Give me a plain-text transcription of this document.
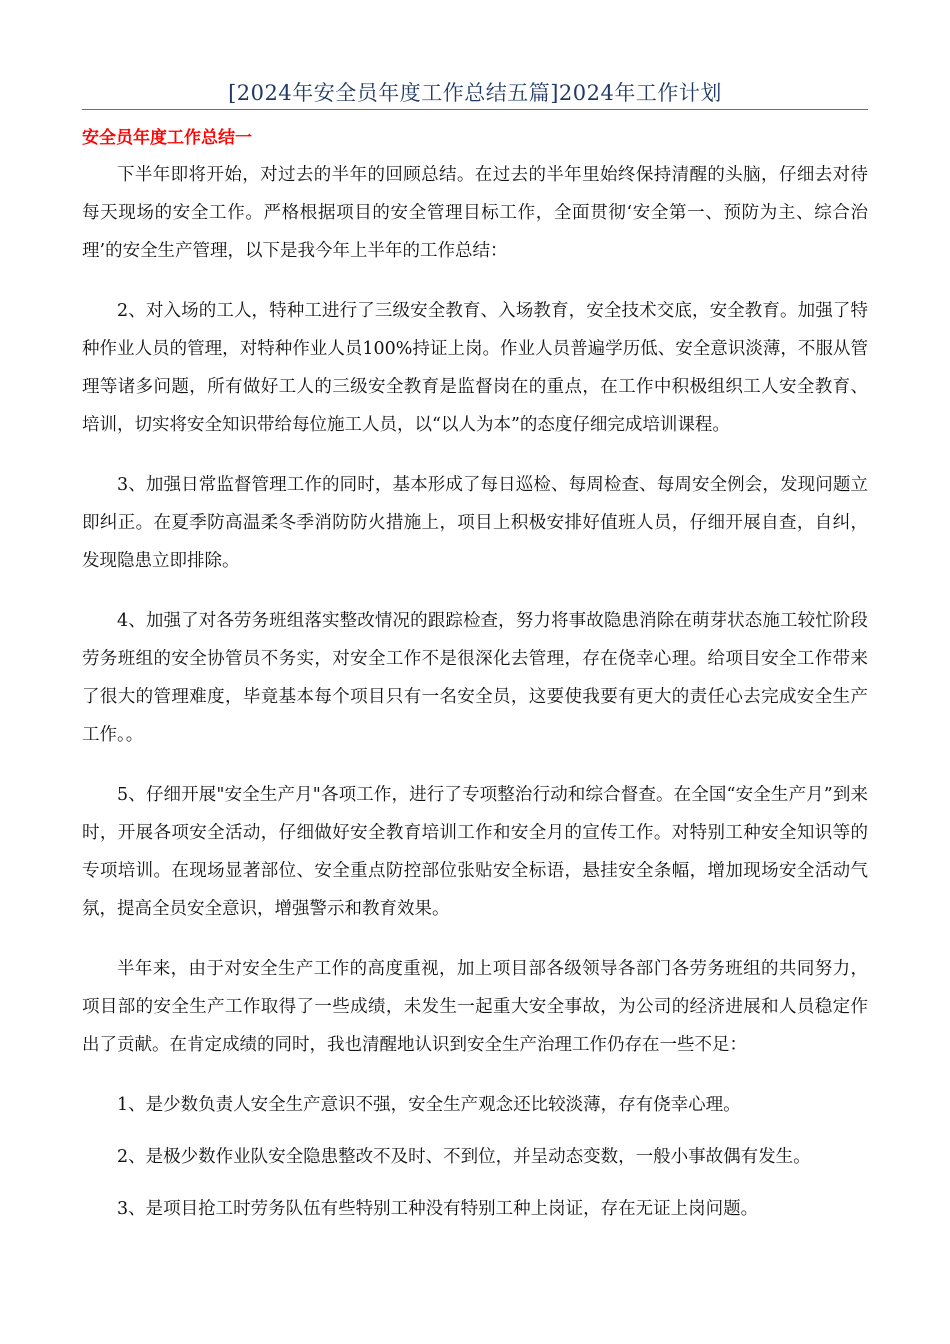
[2024年安全员年度工作总结五篇]2024年工作计划
安全员年度工作总结一

下半年即将开始，对过去的半年的回顾总结。在过去的半年里始终保持清醒的头脑，仔细去对待每天现场的安全工作。严格根据项目的安全管理目标工作，全面贯彻‘安全第一、预防为主、综合治理’的安全生产管理，以下是我今年上半年的工作总结：

2、对入场的工人，特种工进行了三级安全教育、入场教育，安全技术交底，安全教育。加强了特种作业人员的管理，对特种作业人员100%持证上岗。作业人员普遍学历低、安全意识淡薄，不服从管理等诸多问题，所有做好工人的三级安全教育是监督岗在的重点，在工作中积极组织工人安全教育、培训，切实将安全知识带给每位施工人员，以“以人为本”的态度仔细完成培训课程。

3、加强日常监督管理工作的同时，基本形成了每日巡检、每周检查、每周安全例会，发现问题立即纠正。在夏季防高温柔冬季消防防火措施上，项目上积极安排好值班人员，仔细开展自查，自纠，发现隐患立即排除。

4、加强了对各劳务班组落实整改情况的跟踪检查，努力将事故隐患消除在萌芽状态施工较忙阶段劳务班组的安全协管员不务实，对安全工作不是很深化去管理，存在侥幸心理。给项目安全工作带来了很大的管理难度，毕竟基本每个项目只有一名安全员，这要使我要有更大的责任心去完成安全生产工作。。

5、仔细开展"安全生产月"各项工作，进行了专项整治行动和综合督查。在全国“安全生产月”到来时，开展各项安全活动，仔细做好安全教育培训工作和安全月的宣传工作。对特别工种安全知识等的专项培训。在现场显著部位、安全重点防控部位张贴安全标语，悬挂安全条幅，增加现场安全活动气氛，提高全员安全意识，增强警示和教育效果。

半年来，由于对安全生产工作的高度重视，加上项目部各级领导各部门各劳务班组的共同努力，项目部的安全生产工作取得了一些成绩，未发生一起重大安全事故，为公司的经济进展和人员稳定作出了贡献。在肯定成绩的同时，我也清醒地认识到安全生产治理工作仍存在一些不足：

1、是少数负责人安全生产意识不强，安全生产观念还比较淡薄，存有侥幸心理。

2、是极少数作业队安全隐患整改不及时、不到位，并呈动态变数，一般小事故偶有发生。

3、是项目抢工时劳务队伍有些特别工种没有特别工种上岗证，存在无证上岗问题。
